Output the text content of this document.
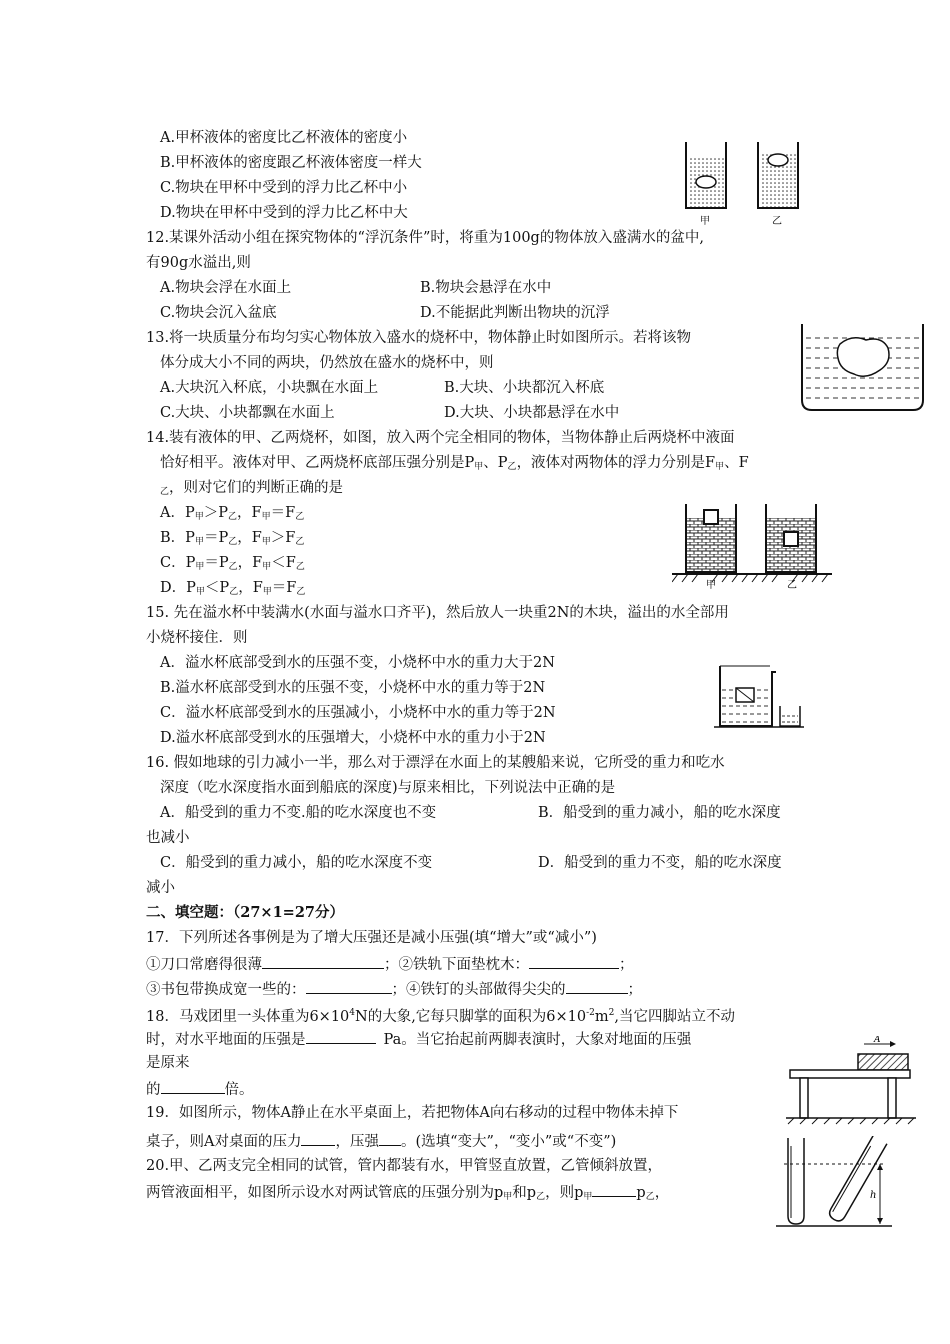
A.甲杯液体的密度比乙杯液体的密度小
B.甲杯液体的密度跟乙杯液体密度一样大
C.物块在甲杯中受到的浮力比乙杯中小
D.物块在甲杯中受到的浮力比乙杯中大
甲	乙
12.某课外活动小组在探究物体的“浮沉条件”时，将重为100g的物体放入盛满水的盆中,
有90g水溢出,则
A.物块会浮在水面上	B.物块会悬浮在水中
C.物块会沉入盆底	D.不能据此判断出物块的沉浮
13.将一块质量分布均匀实心物体放入盛水的烧杯中，物体静止时如图所示。若将该物
体分成大小不同的两块，仍然放在盛水的烧杯中，则
A.大块沉入杯底，小块飘在水面上	B.大块、小块都沉入杯底
C.大块、小块都飘在水面上	D.大块、小块都悬浮在水中
14.装有液体的甲、乙两烧杯，如图，放入两个完全相同的物体，当物体静止后两烧杯中液面
恰好相平。液体对甲、乙两烧杯底部压强分别是$P_甲$、$P_乙$，液体对两物体的浮力分别是$F_甲$、F
$_乙$，则对它们的判断正确的是
A．$P_甲>P_乙$，$F_甲=F_乙$
B．$P_甲=P_乙$，$F_甲>F_乙$
C．$P_甲=P_乙$，$F_甲<F_乙$
D．$P_甲<P_乙$，$F_甲=F_乙$
甲	乙
15. 先在溢水杯中装满水(水面与溢水口齐平)，然后放人一块重2N的木块，溢出的水全部用
小烧杯接住．则
A．溢水杯底部受到水的压强不变，小烧杯中水的重力大于2N
B.溢水杯底部受到水的压强不变，小烧杯中水的重力等于2N
C．溢水杯底部受到水的压强减小，小烧杯中水的重力等于2N
D.溢水杯底部受到水的压强增大，小烧杯中水的重力小于2N
16. 假如地球的引力减小一半，那么对于漂浮在水面上的某艘船来说，它所受的重力和吃水
深度（吃水深度指水面到船底的深度)与原来相比，下列说法中正确的是
A．船受到的重力不变.船的吃水深度也不变	B．船受到的重力减小，船的吃水深度
也减小
C．船受到的重力减小，船的吃水深度不变	D．船受到的重力不变，船的吃水深度
减小
二、填空题：（27×1=27分）
17．下列所述各事例是为了增大压强还是减小压强(填“增大”或“减小”)
①刀口常磨得很薄	；②铁轨下面垫枕木：	；
③书包带换成宽一些的：	；④铁钉的头部做得尖尖的	；
18．马戏团里一头体重为$6\times 10^4N$的大象,它每只脚掌的面积为$6\times 10^{-2}m^2$,当它四脚站立不动
时，对水平地面的压强是	Pa。当它抬起前两脚表演时，大象对地面的压强
是原来
的	倍。
A
19．如图所示，物体A静止在水平桌面上，若把物体A向右移动的过程中物体未掉下
桌子，则A对桌面的压力 ，压强 。(选填“变大”，“变小”或“不变”)
20.甲、乙两支完全相同的试管，管内都装有水，甲管竖直放置，乙管倾斜放置，
两管液面相平，如图所示设水对两试管底的压强分别为$p_甲$和$p_乙$，则$p_甲$	$p_乙$，	h
